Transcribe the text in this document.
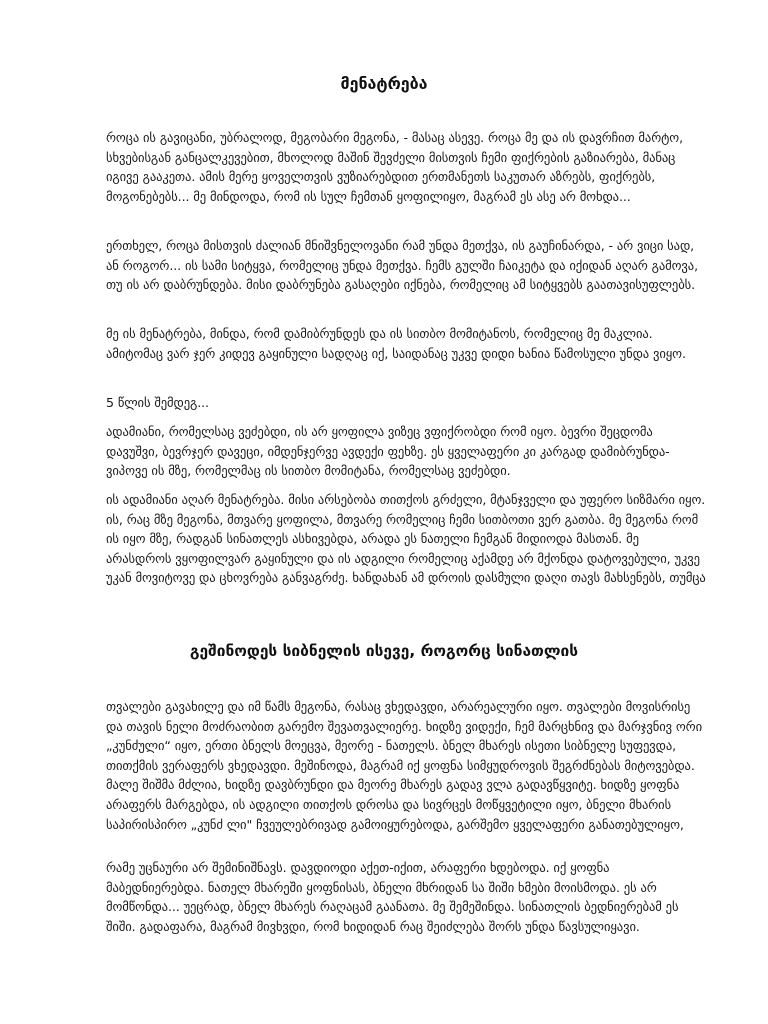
მენატრება

როცა ის გავიცანი, უბრალოდ, მეგობარი მეგონა, - მასაც ასევე. როცა მე და ის დავრჩით მარტო, სხვებისგან განცალკევებით, მხოლოდ მაშინ შევძელი მისთვის ჩემი ფიქრების გაზიარება, მანაც იგივე გააკეთა. ამის მერე ყოველთვის ვუზიარებდით ერთმანეთს საკუთარ აზრებს, ფიქრებს, მოგონებებს... მე მინდოდა, რომ ის სულ ჩემთან ყოფილიყო, მაგრამ ეს ასე არ მოხდა...

ერთხელ, როცა მისთვის ძალიან მნიშვნელოვანი რამ უნდა მეთქვა, ის გაუჩინარდა, - არ ვიცი სად, ან როგორ... ის სამი სიტყვა, რომელიც უნდა მეთქვა. ჩემს გულში ჩაიკეტა და იქიდან აღარ გამოვა, თუ ის არ დაბრუნდება. მისი დაბრუნება გასაღები იქნება, რომელიც ამ სიტყვებს გაათავისუფლებს.

მე ის მენატრება, მინდა, რომ დამიბრუნდეს და ის სითბო მომიტანოს, რომელიც მე მაკლია. ამიტომაც ვარ ჯერ კიდევ გაყინული სადღაც იქ, საიდანაც უკვე დიდი ხანია წამოსული უნდა ვიყო.

5 წლის შემდეგ...

ადამიანი, რომელსაც ვეძებდი, ის არ ყოფილა ვიზეც ვფიქრობდი რომ იყო. ბევრი შეცდომა დავუშვი, ბევრჯერ დავეცი, იმდენჯერვე ავდექი ფეხზე. ეს ყველაფერი კი კარგად დამიბრუნდა- ვიპოვე ის მზე, რომელმაც ის სითბო მომიტანა, რომელსაც ვეძებდი.

ის ადამიანი აღარ მენატრება. მისი არსებობა თითქოს გრძელი, მტანჯველი და უფერო სიზმარი იყო. ის, რაც მზე მეგონა, მთვარე ყოფილა, მთვარე რომელიც ჩემი სითბოთი ვერ გათბა. მე მეგონა რომ ის იყო მზე, რადგან სინათლეს ასხივებდა, არადა ეს ნათელი ჩემგან მიდიოდა მასთან. მე არასდროს ვყოფილვარ გაყინული და ის ადგილი რომელიც აქამდე არ მქონდა დატოვებული, უკვე უკან მოვიტოვე და ცხოვრება განვაგრძე. ხანდახან ამ დროის დასმული დაღი თავს მახსენებს, თუმცა

გეშინოდეს სიბნელის ისევე, როგორც სინათლის

თვალები გავახილე და იმ წამს მეგონა, რასაც ვხედავდი, არარეალური იყო. თვალები მოვისრისე და თავის ნელი მოძრაობით გარემო შევათვალიერე. ხიდზე ვიდექი, ჩემ მარცხნივ და მარჯვნივ ორი „კუნძული“ იყო, ერთი ბნელს მოეცვა, მეორე - ნათელს. ბნელ მხარეს ისეთი სიბნელე სუფევდა, თითქმის ვერაფერს ვხედავდი. მეშინოდა, მაგრამ იქ ყოფნა სიმყუდროვის შეგრძნებას მიტოვებდა. მალე შიშმა მძლია, ხიდზე დავბრუნდი და მეორე მხარეს გადავ ვლა გადავწყვიტე. ხიდზე ყოფნა არაფერს მარგებდა, ის ადგილი თითქოს დროსა და სივრცეს მოწყვეტილი იყო, ბნელი მხარის საპირისპირო „კუნძ ლი" ჩვეულებრივად გამოიყურებოდა, გარშემო ყველაფერი განათებულიყო,

რამე უცნაური არ შემინიშნავს. დავდიოდი აქეთ-იქით, არაფერი ხდებოდა. იქ ყოფნა მაბედნიერებდა. ნათელ მხარეში ყოფნისას, ბნელი მხრიდან სა შიში ხმები მოისმოდა. ეს არ მომწონდა... უეცრად, ბნელ მხარეს რაღაცამ გაანათა. მე შემეშინდა. სინათლის ბედნიერებამ ეს შიში. გადაფარა, მაგრამ მივხვდი, რომ ხიდიდან რაც შეიძლება შორს უნდა წავსულიყავი.
